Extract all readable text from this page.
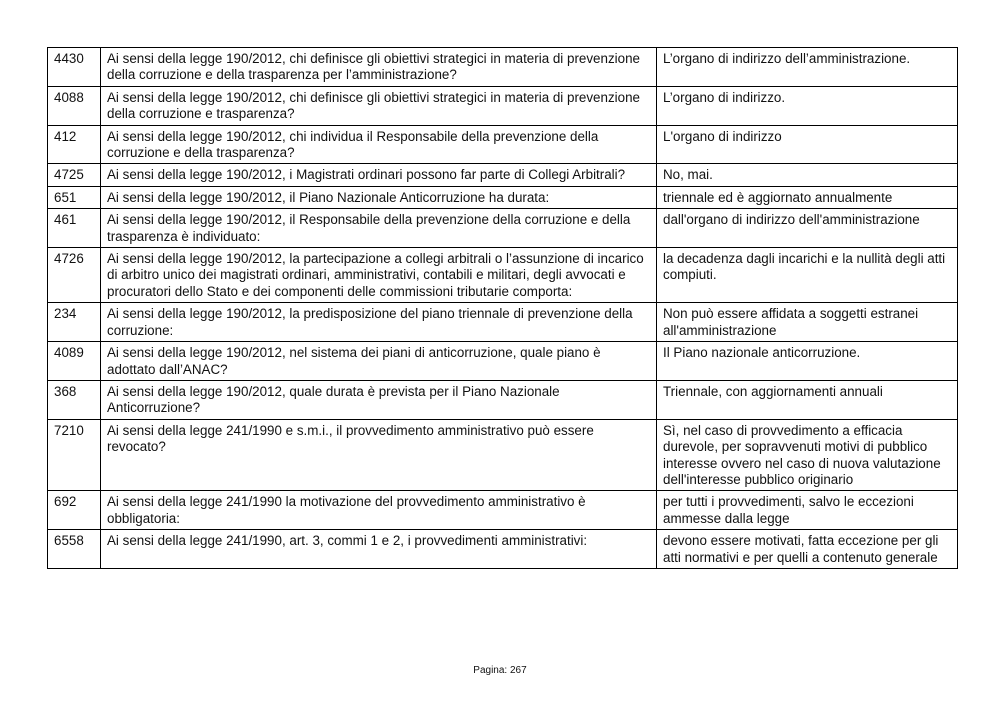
4430	Ai sensi della legge 190/2012, chi definisce gli obiettivi strategici in materia di prevenzione della corruzione e della trasparenza per l’amministrazione?	L’organo di indirizzo dell’amministrazione.
4088	Ai sensi della legge 190/2012, chi definisce gli obiettivi strategici in materia di prevenzione della corruzione e trasparenza?	L’organo di indirizzo.
412	Ai sensi della legge 190/2012, chi individua il Responsabile della prevenzione della corruzione e della trasparenza?	L'organo di indirizzo
4725	Ai sensi della legge 190/2012, i Magistrati ordinari possono far parte di Collegi Arbitrali?	No, mai.
651	Ai sensi della legge 190/2012, il Piano Nazionale Anticorruzione ha durata:	triennale ed è aggiornato annualmente
461	Ai sensi della legge 190/2012, il Responsabile della prevenzione della corruzione e della trasparenza è individuato:	dall'organo di indirizzo dell'amministrazione
4726	Ai sensi della legge 190/2012, la partecipazione a collegi arbitrali o l’assunzione di incarico di arbitro unico dei magistrati ordinari, amministrativi, contabili e militari, degli avvocati e procuratori dello Stato e dei componenti delle commissioni tributarie comporta:	la decadenza dagli incarichi e la nullità degli atti compiuti.
234	Ai sensi della legge 190/2012, la predisposizione del piano triennale di prevenzione della corruzione:	Non può essere affidata a soggetti estranei all'amministrazione
4089	Ai sensi della legge 190/2012, nel sistema dei piani di anticorruzione, quale piano è adottato dall’ANAC?	Il Piano nazionale anticorruzione.
368	Ai sensi della legge 190/2012, quale durata è prevista per il Piano Nazionale Anticorruzione?	Triennale, con aggiornamenti annuali
7210	Ai sensi della legge 241/1990 e s.m.i., il provvedimento amministrativo può essere revocato?	Sì, nel caso di provvedimento a efficacia durevole, per sopravvenuti motivi di pubblico interesse ovvero nel caso di nuova valutazione dell'interesse pubblico originario
692	Ai sensi della legge 241/1990 la motivazione del provvedimento amministrativo è obbligatoria:	per tutti i provvedimenti, salvo le eccezioni ammesse dalla legge
6558	Ai sensi della legge 241/1990, art. 3, commi 1 e 2, i provvedimenti amministrativi:	devono essere motivati, fatta eccezione per gli atti normativi e per quelli a contenuto generale
Pagina: 267
